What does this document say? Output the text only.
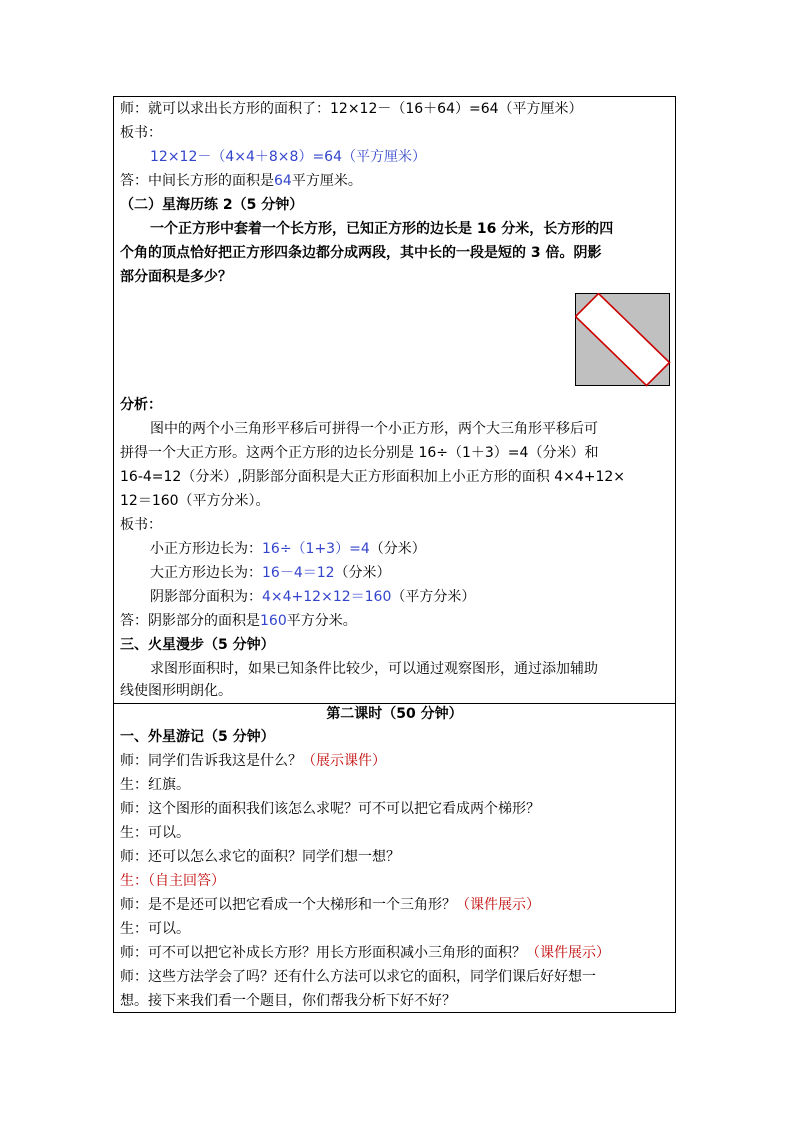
师：就可以求出长方形的面积了：12×12－（16＋64）=64（平方厘米）
板书：
12×12－（4×4＋8×8）=64（平方厘米）
答：中间长方形的面积是64平方厘米。
（二）星海历练 2（5 分钟）
一个正方形中套着一个长方形，已知正方形的边长是 16 分米，长方形的四
个角的顶点恰好把正方形四条边都分成两段，其中长的一段是短的 3 倍。阴影
部分面积是多少？
分析：
图中的两个小三角形平移后可拼得一个小正方形，两个大三角形平移后可
拼得一个大正方形。这两个正方形的边长分别是 16÷（1＋3）=4（分米）和
16-4=12（分米）,阴影部分面积是大正方形面积加上小正方形的面积 4×4+12×
12＝160（平方分米）。
板书：
小正方形边长为：16÷（1+3）=4（分米）
大正方形边长为：16－4＝12（分米）
阴影部分面积为：4×4+12×12＝160（平方分米）
答：阴影部分的面积是160平方分米。
三、火星漫步（5 分钟）
求图形面积时，如果已知条件比较少，可以通过观察图形，通过添加辅助
线使图形明朗化。
第二课时（50 分钟）
一、外星游记（5 分钟）
师：同学们告诉我这是什么？（展示课件）
生：红旗。
师：这个图形的面积我们该怎么求呢？可不可以把它看成两个梯形？
生：可以。
师：还可以怎么求它的面积？同学们想一想？
生：（自主回答）
师：是不是还可以把它看成一个大梯形和一个三角形？（课件展示）
生：可以。
师：可不可以把它补成长方形？用长方形面积减小三角形的面积？（课件展示）
师：这些方法学会了吗？还有什么方法可以求它的面积，同学们课后好好想一
想。接下来我们看一个题目，你们帮我分析下好不好？
